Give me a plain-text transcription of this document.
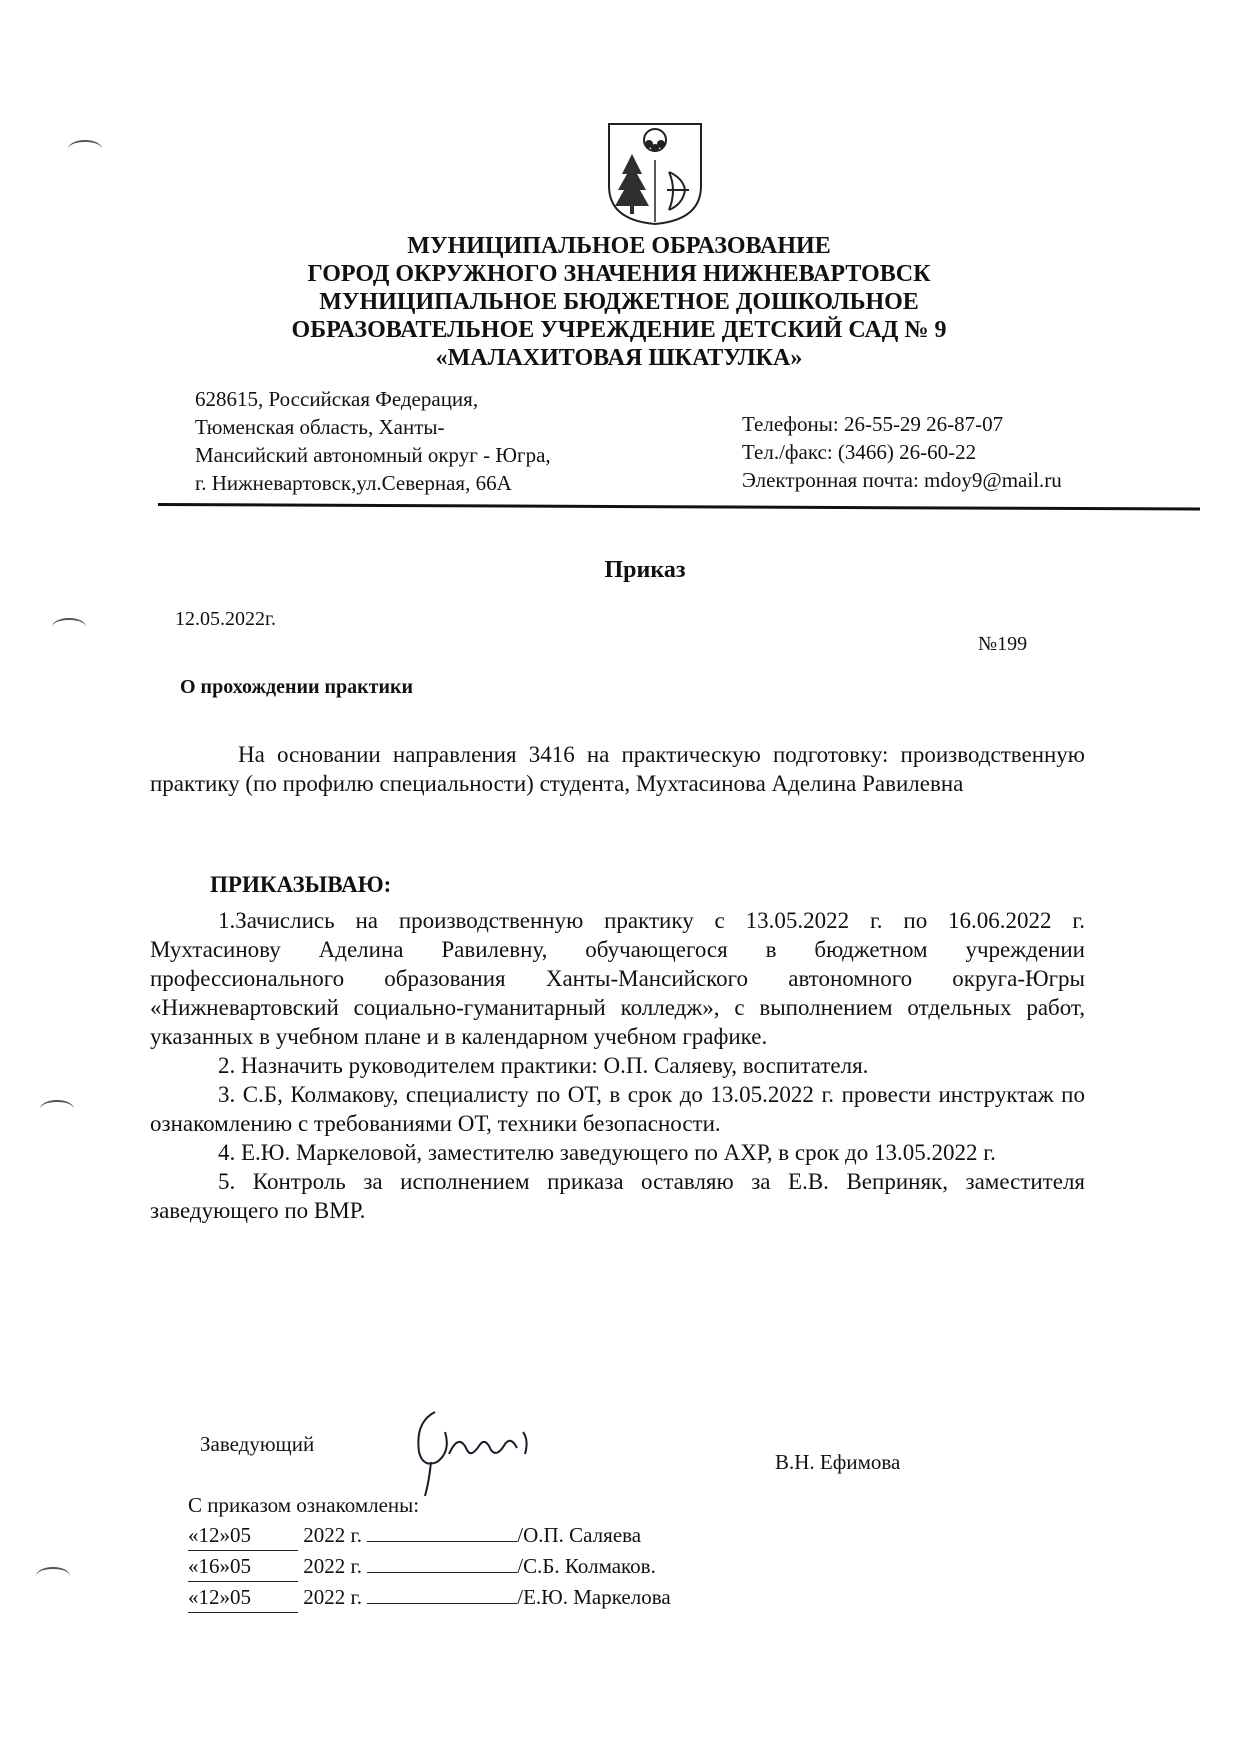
МУНИЦИПАЛЬНОЕ ОБРАЗОВАНИЕ
ГОРОД ОКРУЖНОГО ЗНАЧЕНИЯ НИЖНЕВАРТОВСК
МУНИЦИПАЛЬНОЕ БЮДЖЕТНОЕ ДОШКОЛЬНОЕ
ОБРАЗОВАТЕЛЬНОЕ УЧРЕЖДЕНИЕ ДЕТСКИЙ САД № 9
«МАЛАХИТОВАЯ ШКАТУЛКА»
628615, Российская Федерация,
Тюменская область, Ханты-
Мансийский автономный округ - Югра,
г. Нижневартовск,ул.Северная, 66А
Телефоны: 26-55-29 26-87-07
Тел./факс: (3466) 26-60-22
Электронная почта: mdoy9@mail.ru
Приказ
12.05.2022г.
№199
О прохождении практики
На основании направления 3416 на практическую подготовку: производственную практику (по профилю специальности) студента, Мухтасинова Аделина Равилевна
ПРИКАЗЫВАЮ:

1.Зачислись на производственную практику с 13.05.2022 г. по 16.06.2022 г. Мухтасинову Аделина Равилевну, обучающегося в бюджетном учреждении профессионального образования Ханты-Мансийского автономного округа-Югры «Нижневартовский социально-гуманитарный колледж», с выполнением отдельных работ, указанных в учебном плане и в календарном учебном графике.

2. Назначить руководителем практики: О.П. Саляеву, воспитателя.

3. С.Б, Колмакову, специалисту по ОТ, в срок до 13.05.2022 г. провести инструктаж по ознакомлению с требованиями ОТ, техники безопасности.

4. Е.Ю. Маркеловой, заместителю заведующего по АХР, в срок до 13.05.2022 г.

5. Контроль за исполнением приказа оставляю за Е.В. Веприняк, заместителя заведующего по ВМР.

Заведующий
В.Н. Ефимова
С приказом ознакомлены:
«12»05 2022 г.	/О.П. Саляева
«16»05 2022 г.	/С.Б. Колмаков.
«12»05 2022 г.	/Е.Ю. Маркелова
